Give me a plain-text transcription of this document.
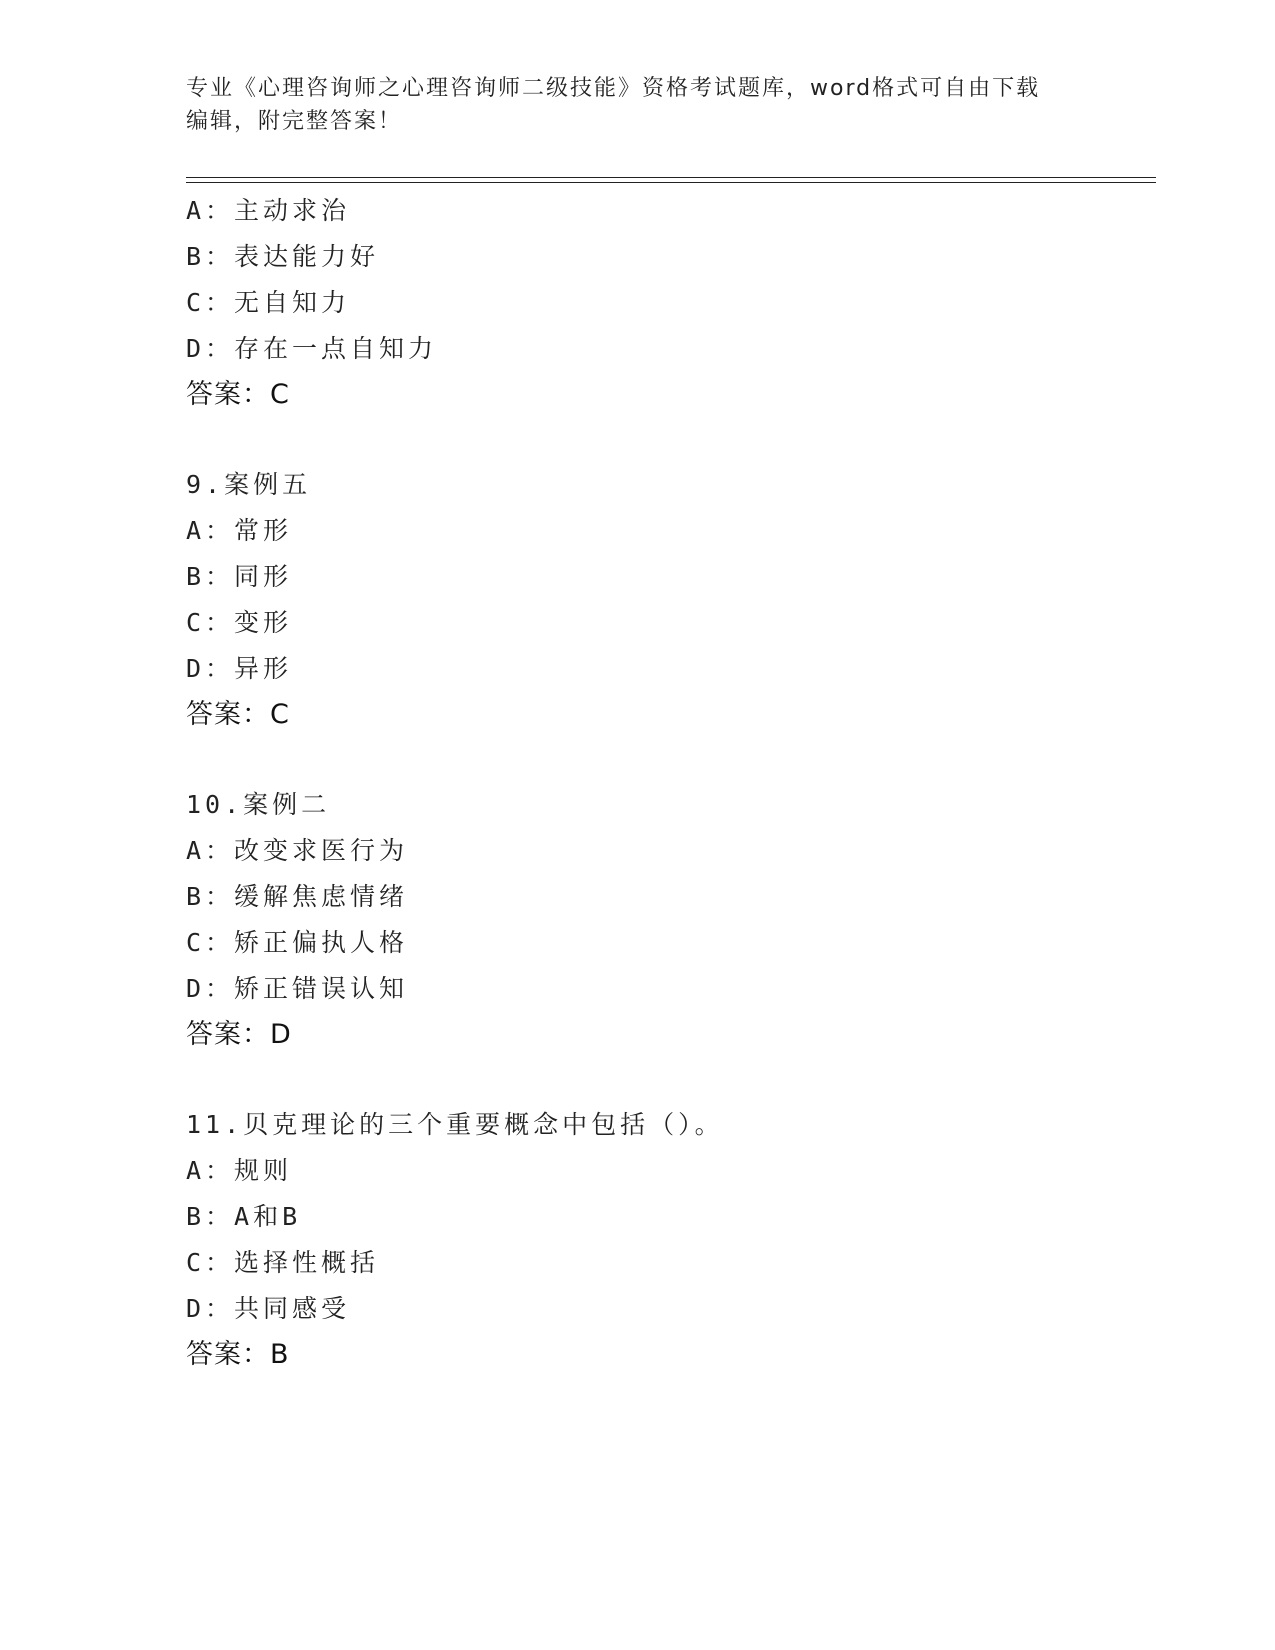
专业《心理咨询师之心理咨询师二级技能》资格考试题库，word格式可自由下载
编辑，附完整答案！
A：主动求治
B：表达能力好
C：无自知力
D：存在一点自知力
答案：C
9.案例五
A：常形
B：同形
C：变形
D：异形
答案：C
10.案例二
A：改变求医行为
B：缓解焦虑情绪
C：矫正偏执人格
D：矫正错误认知
答案：D
11.贝克理论的三个重要概念中包括（）。
A：规则
B：A和B
C：选择性概括
D：共同感受
答案：B
